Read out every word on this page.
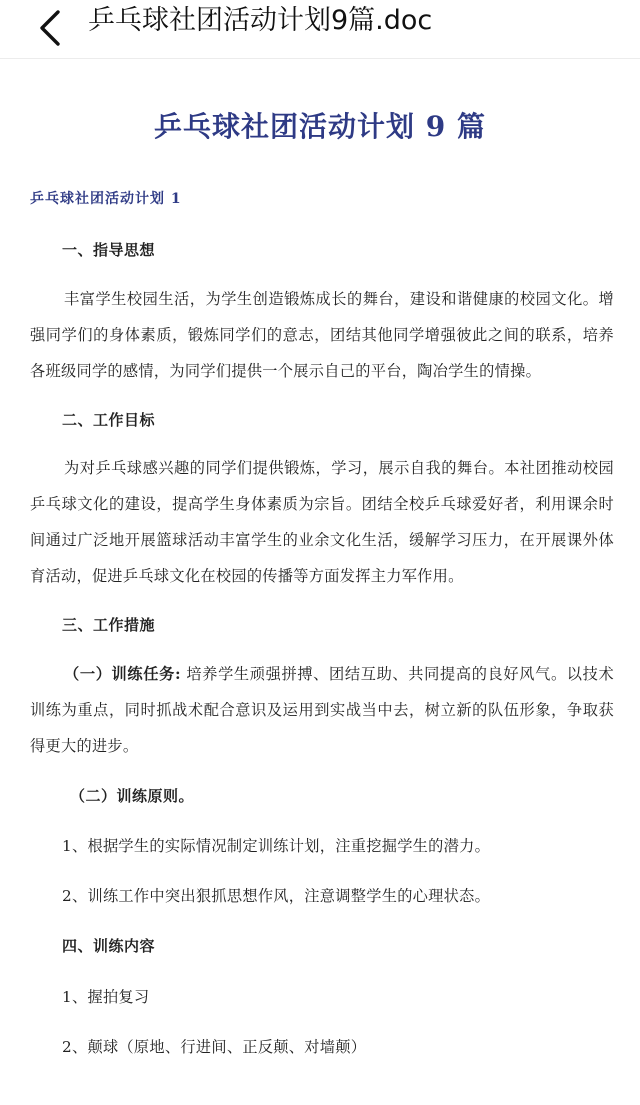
乒乓球社团活动计划9篇.doc
乒乓球社团活动计划 9 篇
乒乓球社团活动计划 1
一、指导思想
丰富学生校园生活，为学生创造锻炼成长的舞台，建设和谐健康的校园文化。增强同学们的身体素质，锻炼同学们的意志，团结其他同学增强彼此之间的联系，培养各班级同学的感情，为同学们提供一个展示自己的平台，陶冶学生的情操。
二、工作目标
为对乒乓球感兴趣的同学们提供锻炼，学习，展示自我的舞台。本社团推动校园乒乓球文化的建设，提高学生身体素质为宗旨。团结全校乒乓球爱好者，利用课余时间通过广泛地开展篮球活动丰富学生的业余文化生活，缓解学习压力，在开展课外体育活动，促进乒乓球文化在校园的传播等方面发挥主力军作用。
三、工作措施
（一）训练任务: 培养学生顽强拼搏、团结互助、共同提高的良好风气。以技术训练为重点，同时抓战术配合意识及运用到实战当中去，树立新的队伍形象，争取获得更大的进步。
（二）训练原则。
1、根据学生的实际情况制定训练计划，注重挖掘学生的潜力。
2、训练工作中突出狠抓思想作风，注意调整学生的心理状态。
四、训练内容
1、握拍复习
2、颠球（原地、行进间、正反颠、对墙颠）
